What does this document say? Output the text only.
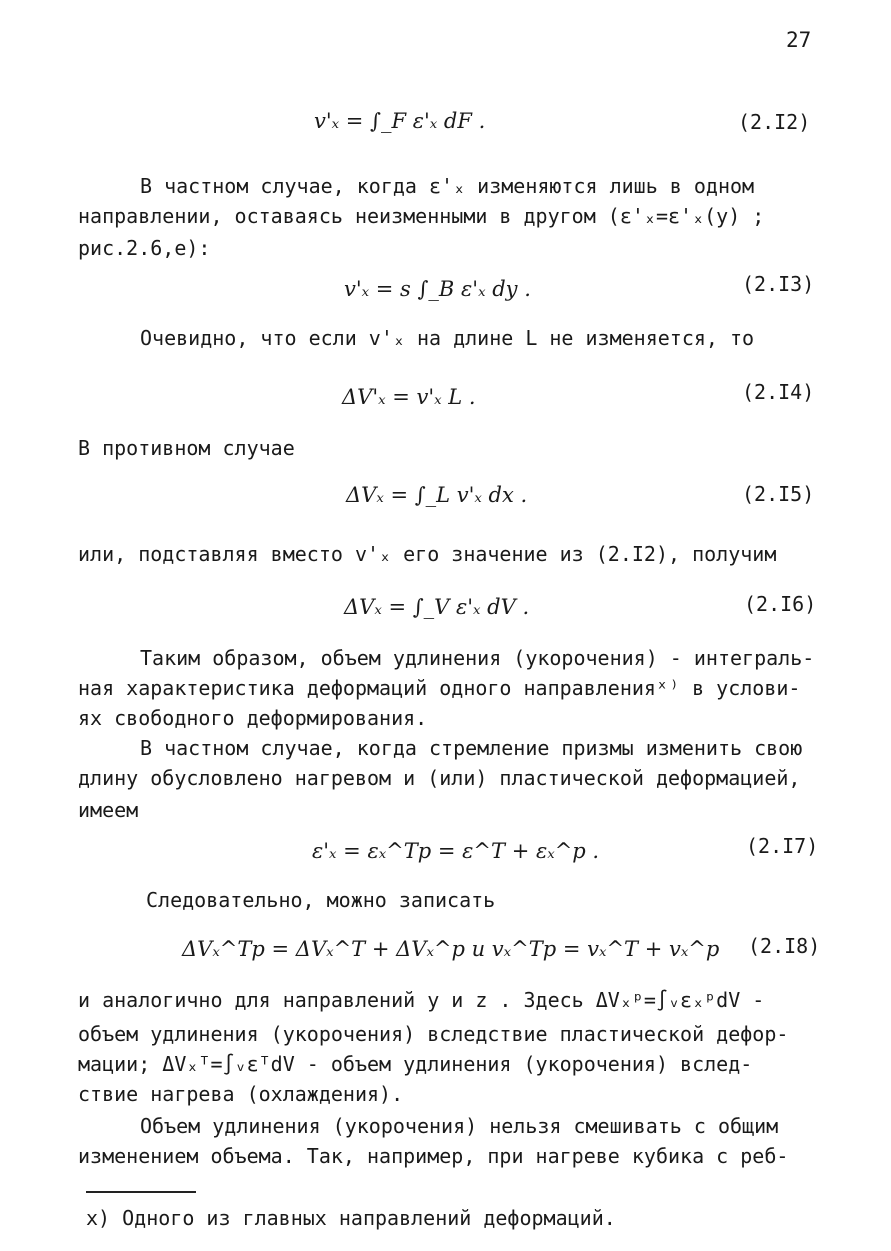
27
v'ₓ = ∫_F ε'ₓ dF .	(2.I2)
В частном случае, когда ε'ₓ изменяются лишь в одном
направлении, оставаясь неизменными в другом (ε'ₓ=ε'ₓ(y) ;
рис.2.6,е):
v'ₓ = s ∫_B ε'ₓ dy .	(2.I3)
Очевидно, что если v'ₓ на длине L не изменяется, то
ΔV'ₓ = v'ₓ L .	(2.I4)
В противном случае
ΔVₓ = ∫_L v'ₓ dx .	(2.I5)
или, подставляя вместо v'ₓ его значение из (2.I2), получим
ΔVₓ = ∫_V ε'ₓ dV .	(2.I6)
Таким образом, объем удлинения (укорочения) - интеграль-
ная характеристика деформаций одного направленияˣ⁾ в услови-
ях свободного деформирования.
В частном случае, когда стремление призмы изменить свою
длину обусловлено нагревом и (или) пластической деформацией,
имеем
ε'ₓ = εₓ^Tp = ε^T + εₓ^p .	(2.I7)
Следовательно, можно записать
ΔVₓ^Tp = ΔVₓ^T + ΔVₓ^p и vₓ^Tp = vₓ^T + vₓ^p (2.I8)
и аналогично для направлений y и z . Здесь ΔVₓᵖ=∫ᵥεₓᵖdV -
объем удлинения (укорочения) вследствие пластической дефор-
мации; ΔVₓᵀ=∫ᵥεᵀdV - объем удлинения (укорочения) вслед-
ствие нагрева (охлаждения).
Объем удлинения (укорочения) нельзя смешивать с общим
изменением объема. Так, например, при нагреве кубика с реб-
x) Одного из главных направлений деформаций.
